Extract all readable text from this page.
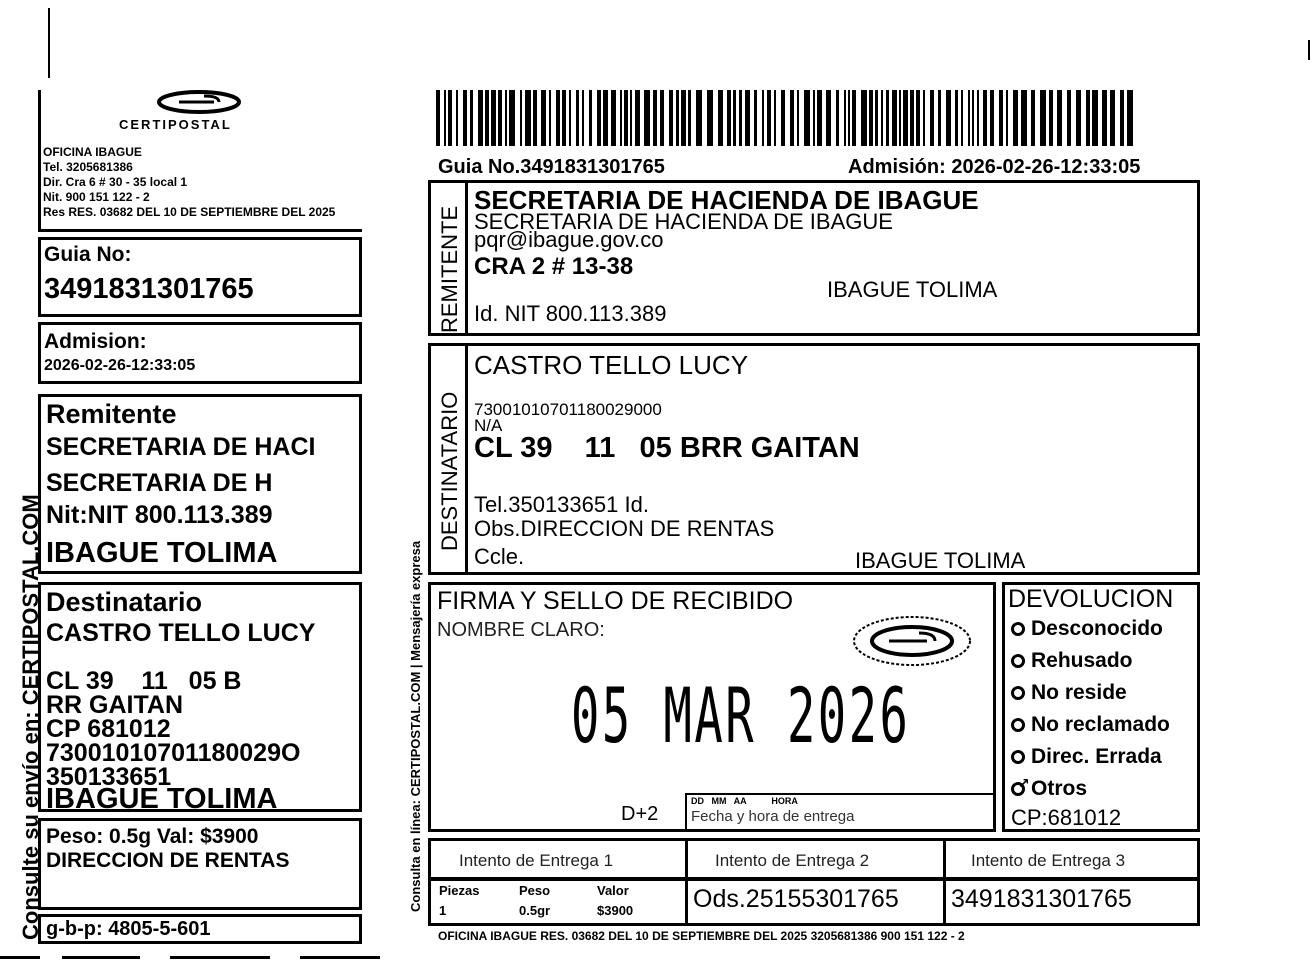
Consulte su envío en: CERTIPOSTAL.COM
CERTIPOSTAL
OFICINA IBAGUE
Tel. 3205681386
Dir. Cra 6 # 30 - 35 local 1
Nit. 900 151 122 - 2
Res RES. 03682 DEL 10 DE SEPTIEMBRE DEL 2025
Guia No:
3491831301765
Admision:
2026-02-26-12:33:05
Remitente
SECRETARIA DE HACI
SECRETARIA DE H
Nit:NIT 800.113.389
IBAGUE TOLIMA
Destinatario
CASTRO TELLO LUCY
CL 39    11   05 B
RR GAITAN
CP 681012
73001010701180029O
350133651
IBAGUE TOLIMA
Peso: 0.5g Val: $3900
DIRECCION DE RENTAS
g-b-p: 4805-5-601
Consulta en línea: CERTIPOSTAL.COM | Mensajería expresa
Guia No.3491831301765	Admisión: 2026-02-26-12:33:05
REMITENTE
SECRETARIA DE HACIENDA DE IBAGUE
SECRETARIA DE HACIENDA DE IBAGUE
pqr@ibague.gov.co
CRA 2 # 13-38
IBAGUE TOLIMA
Id. NIT 800.113.389
DESTINATARIO
CASTRO TELLO LUCY
73001010701180029000
N/A
CL 39    11   05 BRR GAITAN
Tel.350133651 Id.
Obs.DIRECCION DE RENTAS
Ccle.	IBAGUE TOLIMA
FIRMA Y SELLO DE RECIBIDO
NOMBRE CLARO:
05 MAR 2026
D+2
DD   MM   AA          HORA
Fecha y hora de entrega
DEVOLUCION
Desconocido
Rehusado
No reside
No reclamado
Direc. Errada
↗ Otros
CP:681012
Intento de Entrega 1	Intento de Entrega 2	Intento de Entrega 3
Piezas	Peso	Valor
1	0.5gr	$3900 Ods.25155301765 3491831301765
OFICINA IBAGUE RES. 03682 DEL 10 DE SEPTIEMBRE DEL 2025 3205681386 900 151 122 - 2
